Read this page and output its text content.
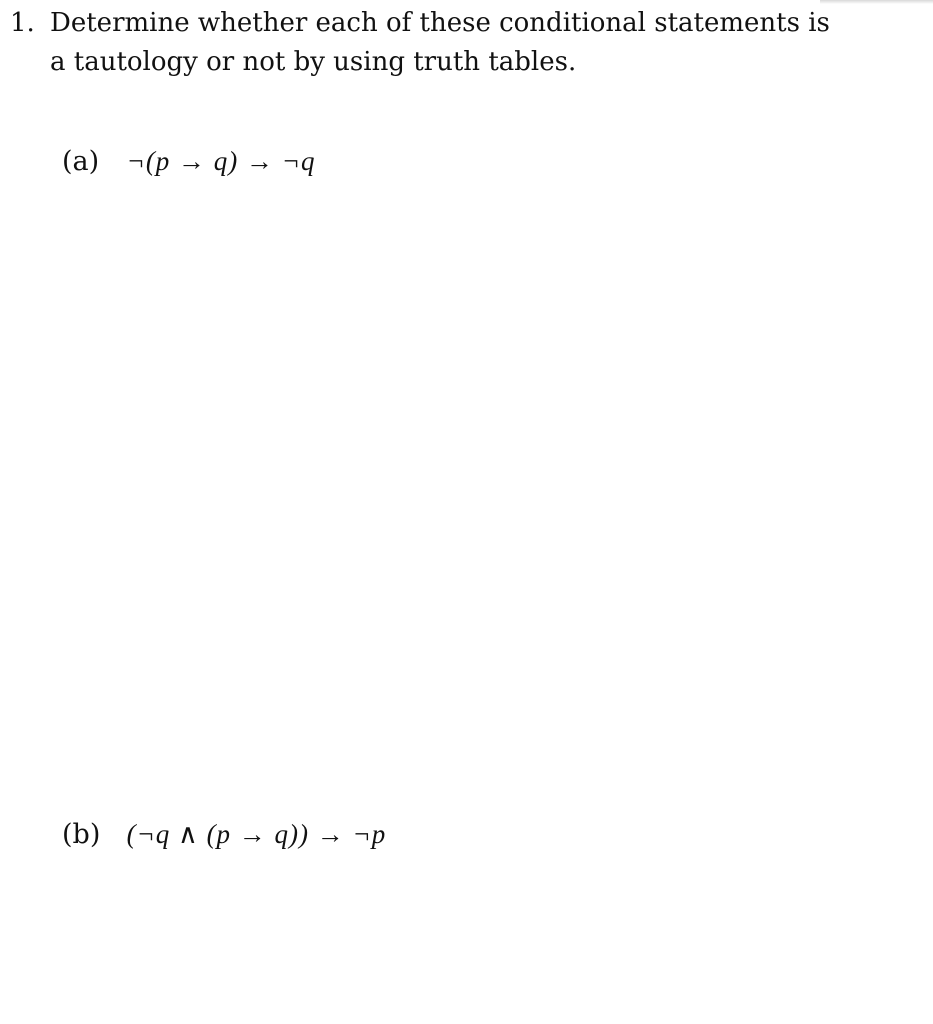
1. Determine whether each of these conditional statements is a tautology or not by using truth tables.
(a) ¬(p → q) → ¬q
(b) (¬q ∧ (p → q)) → ¬p
